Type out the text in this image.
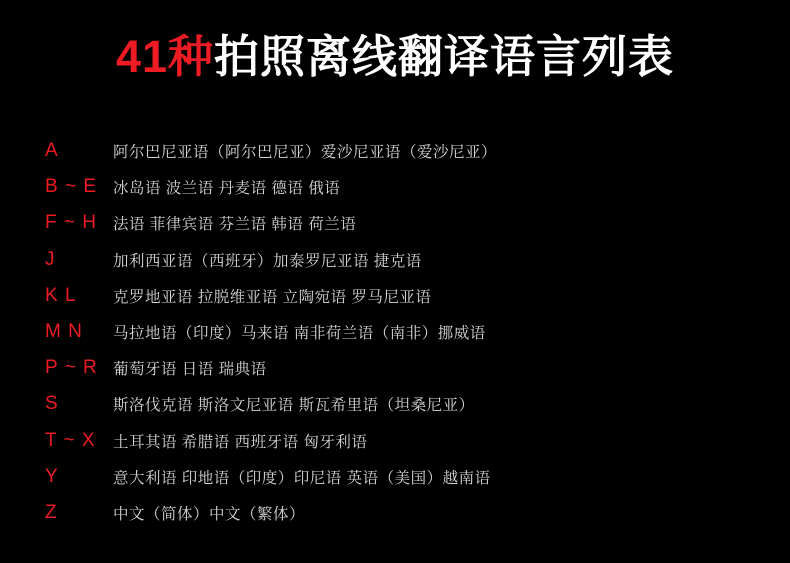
41种拍照离线翻译语言列表
A	阿尔巴尼亚语（阿尔巴尼亚）爱沙尼亚语（爱沙尼亚）
B ~ E	冰岛语 波兰语 丹麦语 德语 俄语
F ~ H	法语 菲律宾语 芬兰语 韩语 荷兰语
J	加利西亚语（西班牙）加泰罗尼亚语 捷克语
K L	克罗地亚语 拉脱维亚语 立陶宛语 罗马尼亚语
M N	马拉地语（印度）马来语 南非荷兰语（南非）挪威语
P ~ R 葡萄牙语 日语 瑞典语
S	斯洛伐克语 斯洛文尼亚语 斯瓦希里语（坦桑尼亚）
T ~ X	土耳其语 希腊语 西班牙语 匈牙利语
Y	意大利语 印地语（印度）印尼语 英语（美国）越南语
Z	中文（简体）中文（繁体）
